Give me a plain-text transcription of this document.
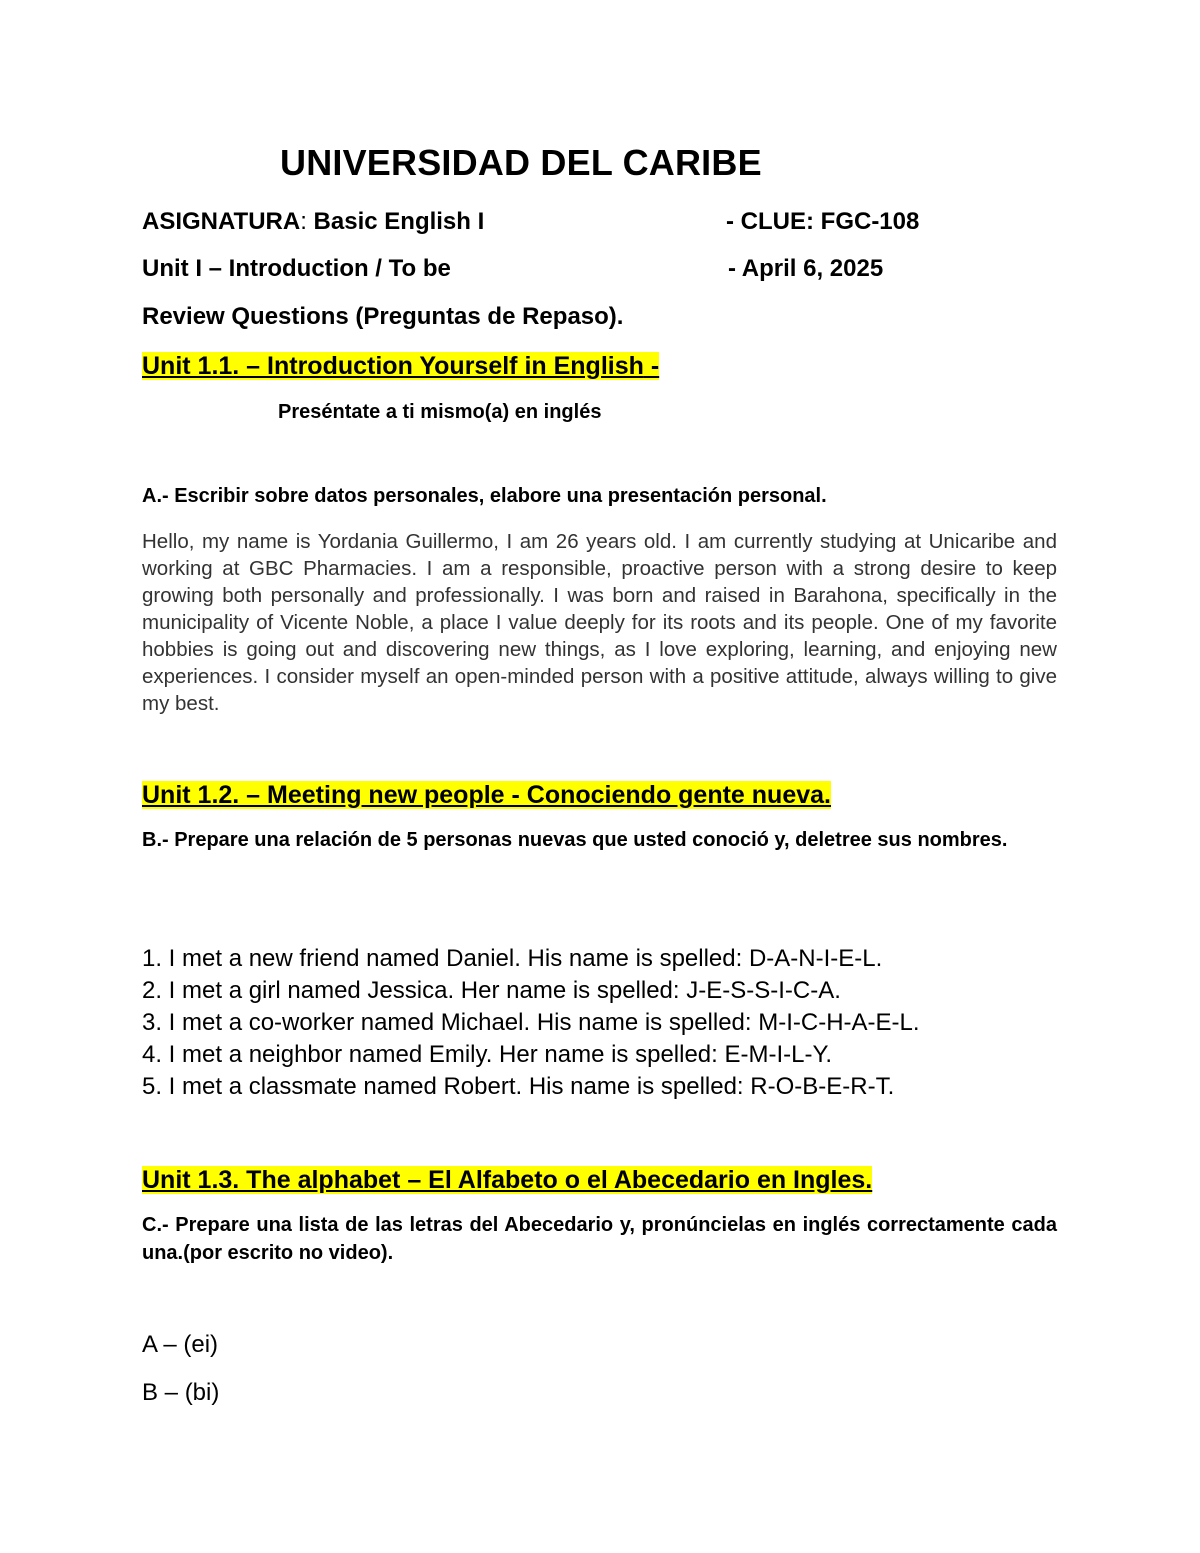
UNIVERSIDAD DEL CARIBE
ASIGNATURA: Basic English I	- CLUE: FGC-108
Unit I – Introduction / To be	- April 6, 2025
Review Questions (Preguntas de Repaso).
Unit 1.1. – Introduction Yourself in English -
Preséntate a ti mismo(a) en inglés
A.- Escribir sobre datos personales, elabore una presentación personal.
Hello, my name is Yordania Guillermo, I am 26 years old. I am currently studying at Unicaribe and working at GBC Pharmacies. I am a responsible, proactive person with a strong desire to keep growing both personally and professionally. I was born and raised in Barahona, specifically in the municipality of Vicente Noble, a place I value deeply for its roots and its people. One of my favorite hobbies is going out and discovering new things, as I love exploring, learning, and enjoying new experiences. I consider myself an open-minded person with a positive attitude, always willing to give my best.
Unit 1.2. – Meeting new people - Conociendo gente nueva.
B.- Prepare una relación de 5 personas nuevas que usted conoció y, deletree sus nombres.
1. I met a new friend named Daniel. His name is spelled: D-A-N-I-E-L.
2. I met a girl named Jessica. Her name is spelled: J-E-S-S-I-C-A.
3. I met a co-worker named Michael. His name is spelled: M-I-C-H-A-E-L.
4. I met a neighbor named Emily. Her name is spelled: E-M-I-L-Y.
5. I met a classmate named Robert. His name is spelled: R-O-B-E-R-T.
Unit 1.3. The alphabet – El Alfabeto o el Abecedario en Ingles.
C.- Prepare una lista de las letras del Abecedario y, pronúncielas en inglés correctamente cada una.(por escrito no video).
A – (ei)
B – (bi)
